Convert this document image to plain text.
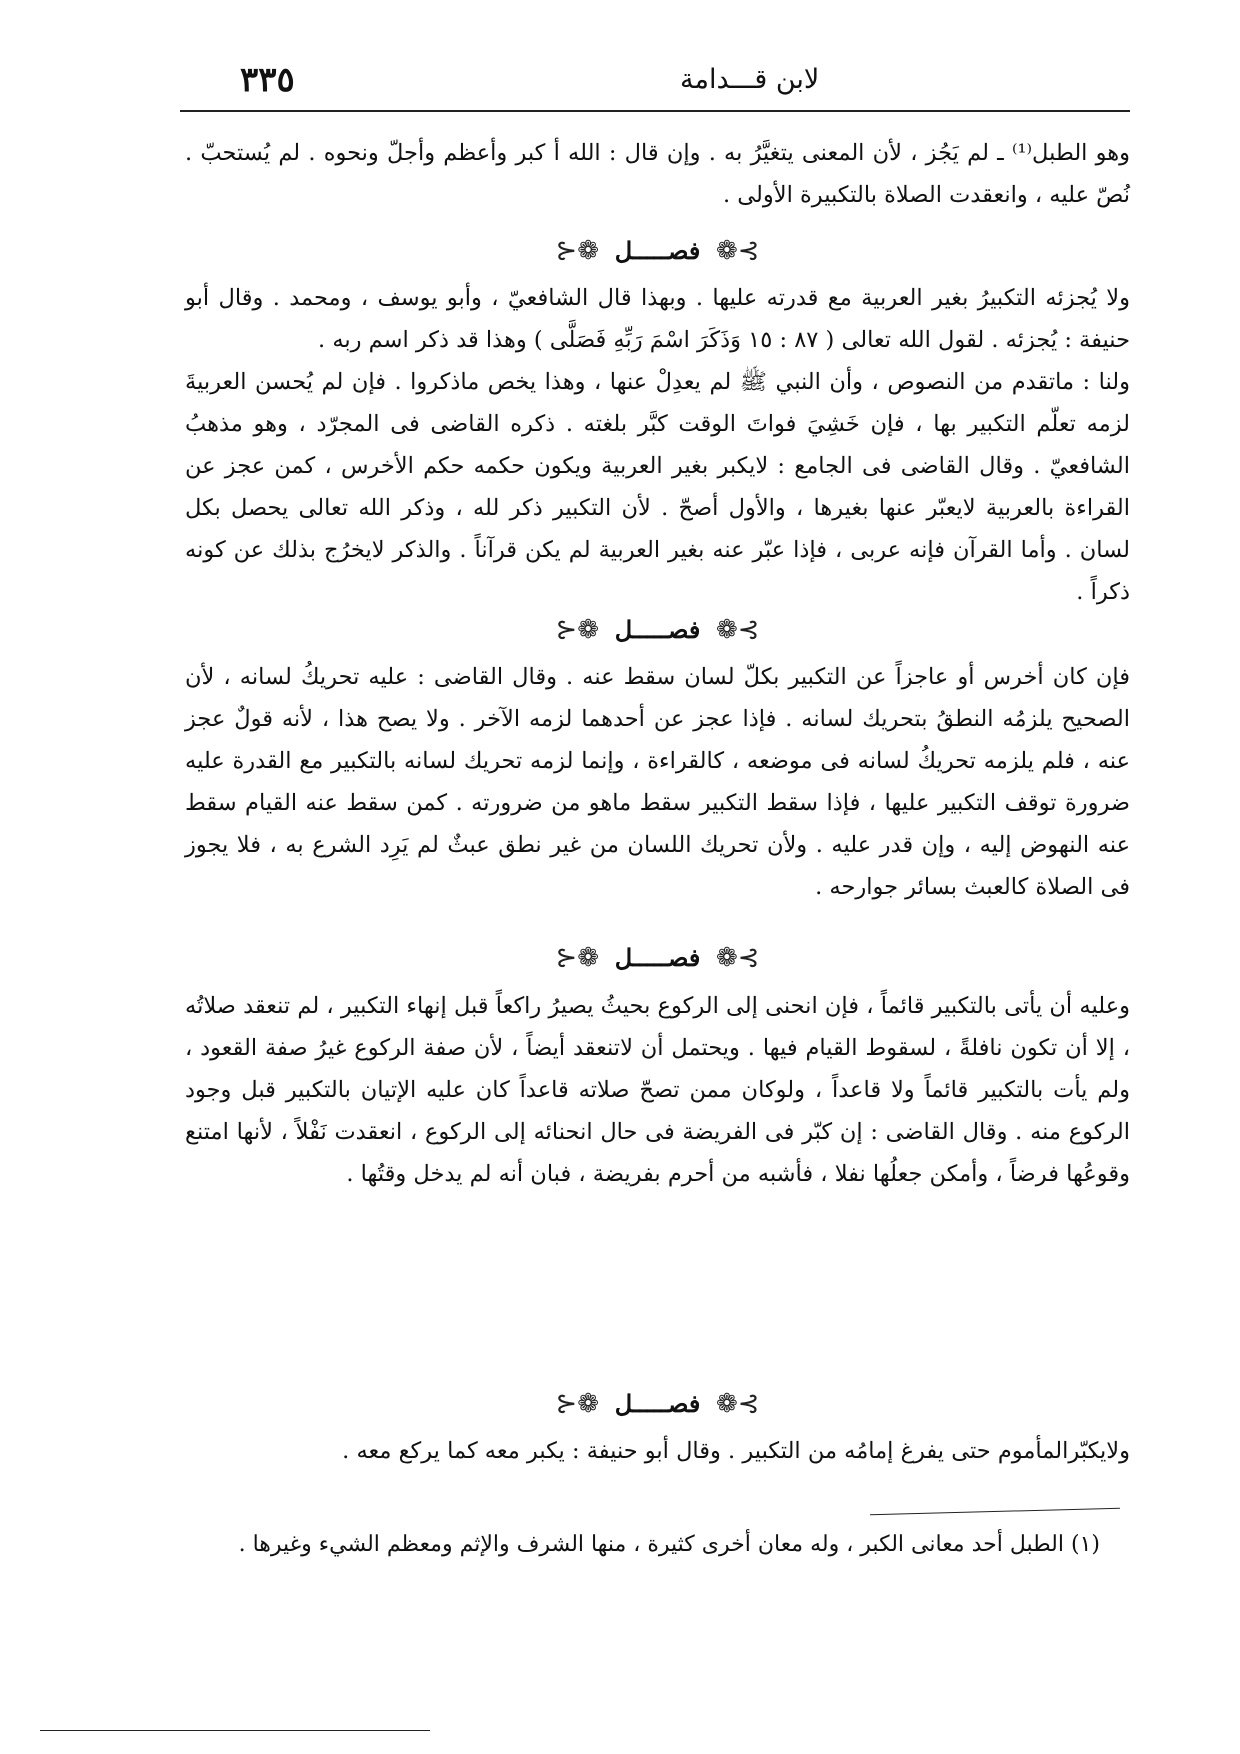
٣٣٥	لابن قـــدامة

وهو الطبل⁽¹⁾ ـ لم يَجُز ، لأن المعنى يتغيَّرُ به . وإن قال : الله أ كبر وأعظم وأجلّ ونحوه . لم يُستحبّ . نُصّ عليه ، وانعقدت الصلاة بالتكبيرة الأولى .

⊱❁ فصـــــل ❁⊰

ولا يُجزئه التكبيرُ بغير العربية مع قدرته عليها . وبهذا قال الشافعيّ ، وأبو يوسف ، ومحمد . وقال أبو حنيفة : يُجزئه . لقول الله تعالى ( ٨٧ : ١٥ وَذَكَرَ اسْمَ رَبِّهِ فَصَلَّى ) وهذا قد ذكر اسم ربه .

ولنا : ماتقدم من النصوص ، وأن النبي ﷺ لم يعدِلْ عنها ، وهذا يخص ماذكروا . فإن لم يُحسن العربيةَ لزمه تعلّم التكبير بها ، فإن خَشِيَ فواتَ الوقت كبَّر بلغته . ذكره القاضى فى المجرّد ، وهو مذهبُ الشافعيّ . وقال القاضى فى الجامع : لايكبر بغير العربية ويكون حكمه حكم الأخرس ، كمن عجز عن القراءة بالعربية لايعبّر عنها بغيرها ، والأول أصحّ . لأن التكبير ذكر لله ، وذكر الله تعالى يحصل بكل لسان . وأما القرآن فإنه عربى ، فإذا عبّر عنه بغير العربية لم يكن قرآناً . والذكر لايخرُج بذلك عن كونه ذكراً .

⊱❁ فصـــــل ❁⊰

فإن كان أخرس أو عاجزاً عن التكبير بكلّ لسان سقط عنه . وقال القاضى : عليه تحريكُ لسانه ، لأن الصحيح يلزمُه النطقُ بتحريك لسانه . فإذا عجز عن أحدهما لزمه الآخر . ولا يصح هذا ، لأنه قولٌ عجز عنه ، فلم يلزمه تحريكُ لسانه فى موضعه ، كالقراءة ، وإنما لزمه تحريك لسانه بالتكبير مع القدرة عليه ضرورة توقف التكبير عليها ، فإذا سقط التكبير سقط ماهو من ضرورته . كمن سقط عنه القيام سقط عنه النهوض إليه ، وإن قدر عليه . ولأن تحريك اللسان من غير نطق عبثٌ لم يَرِد الشرع به ، فلا يجوز فى الصلاة كالعبث بسائر جوارحه .

⊱❁ فصـــــل ❁⊰

وعليه أن يأتى بالتكبير قائماً ، فإن انحنى إلى الركوع بحيثُ يصيرُ راكعاً قبل إنهاء التكبير ، لم تنعقد صلاتُه ، إلا أن تكون نافلةً ، لسقوط القيام فيها . ويحتمل أن لاتنعقد أيضاً ، لأن صفة الركوع غيرُ صفة القعود ، ولم يأت بالتكبير قائماً ولا قاعداً ، ولوكان ممن تصحّ صلاته قاعداً كان عليه الإتيان بالتكبير قبل وجود الركوع منه . وقال القاضى : إن كبّر فى الفريضة فى حال انحنائه إلى الركوع ، انعقدت نَفْلاً ، لأنها امتنع وقوعُها فرضاً ، وأمكن جعلُها نفلا ، فأشبه من أحرم بفريضة ، فبان أنه لم يدخل وقتُها .

⊱❁ فصـــــل ❁⊰

ولايكبّرالمأموم حتى يفرغ إمامُه من التكبير . وقال أبو حنيفة : يكبر معه كما يركع معه .

(١) الطبل أحد معانى الكبر ، وله معان أخرى كثيرة ، منها الشرف والإثم ومعظم الشيء وغيرها .
